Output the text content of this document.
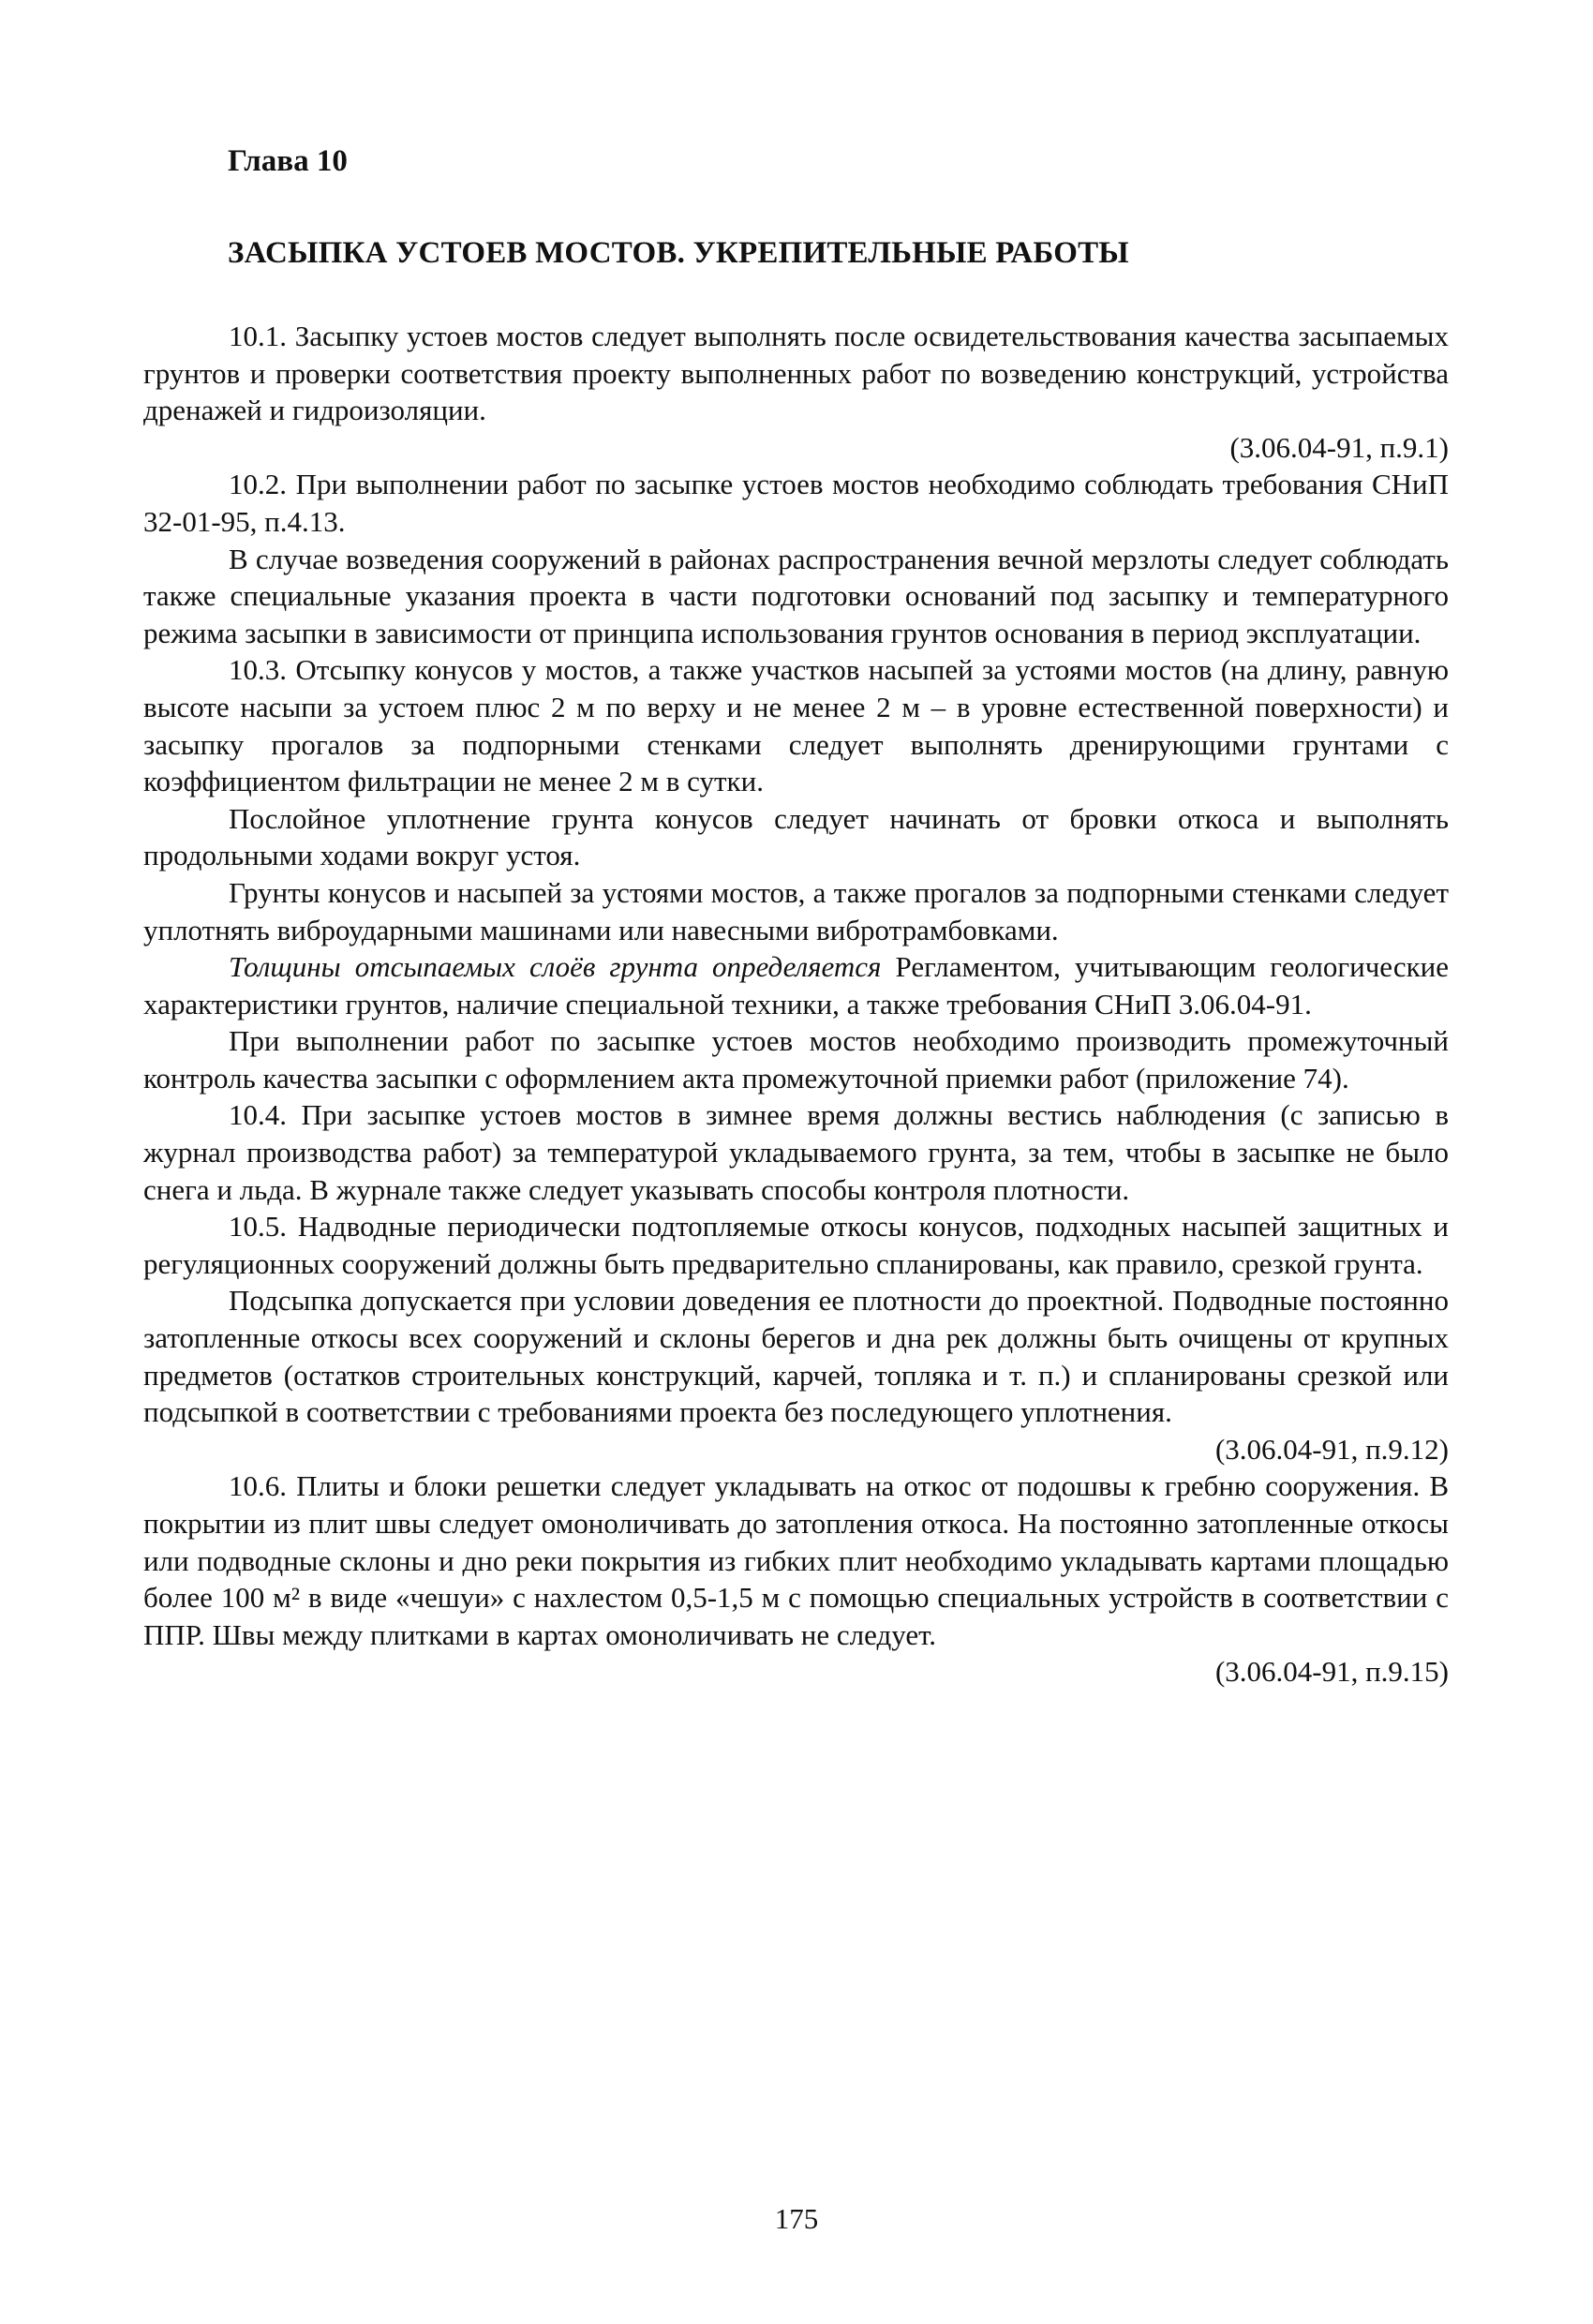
Глава 10
ЗАСЫПКА УСТОЕВ МОСТОВ. УКРЕПИТЕЛЬНЫЕ РАБОТЫ

10.1. Засыпку устоев мостов следует выполнять после освидетельствования качества засыпаемых грунтов и проверки соответствия проекту выполненных работ по возведению конструкций, устройства дренажей и гидроизоляции.

(3.06.04-91, п.9.1)

10.2. При выполнении работ по засыпке устоев мостов необходимо соблюдать требования СНиП 32-01-95, п.4.13.

В случае возведения сооружений в районах распространения вечной мерзлоты следует соблюдать также специальные указания проекта в части подготовки оснований под засыпку и температурного режима засыпки в зависимости от принципа использования грунтов основания в период эксплуатации.

10.3. Отсыпку конусов у мостов, а также участков насыпей за устоями мостов (на длину, равную высоте насыпи за устоем плюс 2 м по верху и не менее 2 м – в уровне естественной поверхности) и засыпку прогалов за подпорными стенками следует выполнять дренирующими грунтами с коэффициентом фильтрации не менее 2 м в сутки.

Послойное уплотнение грунта конусов следует начинать от бровки откоса и выполнять продольными ходами вокруг устоя.

Грунты конусов и насыпей за устоями мостов, а также прогалов за подпорными стенками следует уплотнять виброударными машинами или навесными вибротрамбовками.

Толщины отсыпаемых слоёв грунта определяется Регламентом, учитывающим геологические характеристики грунтов, наличие специальной техники, а также требования СНиП 3.06.04-91.

При выполнении работ по засыпке устоев мостов необходимо производить промежуточный контроль качества засыпки с оформлением акта промежуточной приемки работ (приложение 74).

10.4. При засыпке устоев мостов в зимнее время должны вестись наблюдения (с записью в журнал производства работ) за температурой укладываемого грунта, за тем, чтобы в засыпке не было снега и льда. В журнале также следует указывать способы контроля плотности.

10.5. Надводные периодически подтопляемые откосы конусов, подходных насыпей защитных и регуляционных сооружений должны быть предварительно спланированы, как правило, срезкой грунта.

Подсыпка допускается при условии доведения ее плотности до проектной. Подводные постоянно затопленные откосы всех сооружений и склоны берегов и дна рек должны быть очищены от крупных предметов (остатков строительных конструкций, карчей, топляка и т. п.) и спланированы срезкой или подсыпкой в соответствии с требованиями проекта без последующего уплотнения.

(3.06.04-91, п.9.12)

10.6. Плиты и блоки решетки следует укладывать на откос от подошвы к гребню сооружения. В покрытии из плит швы следует омоноличивать до затопления откоса. На постоянно затопленные откосы или подводные склоны и дно реки покрытия из гибких плит необходимо укладывать картами площадью более 100 м² в виде «чешуи» с нахлестом 0,5-1,5 м с помощью специальных устройств в соответствии с ППР. Швы между плитками в картах омоноличивать не следует.

(3.06.04-91, п.9.15)

175
